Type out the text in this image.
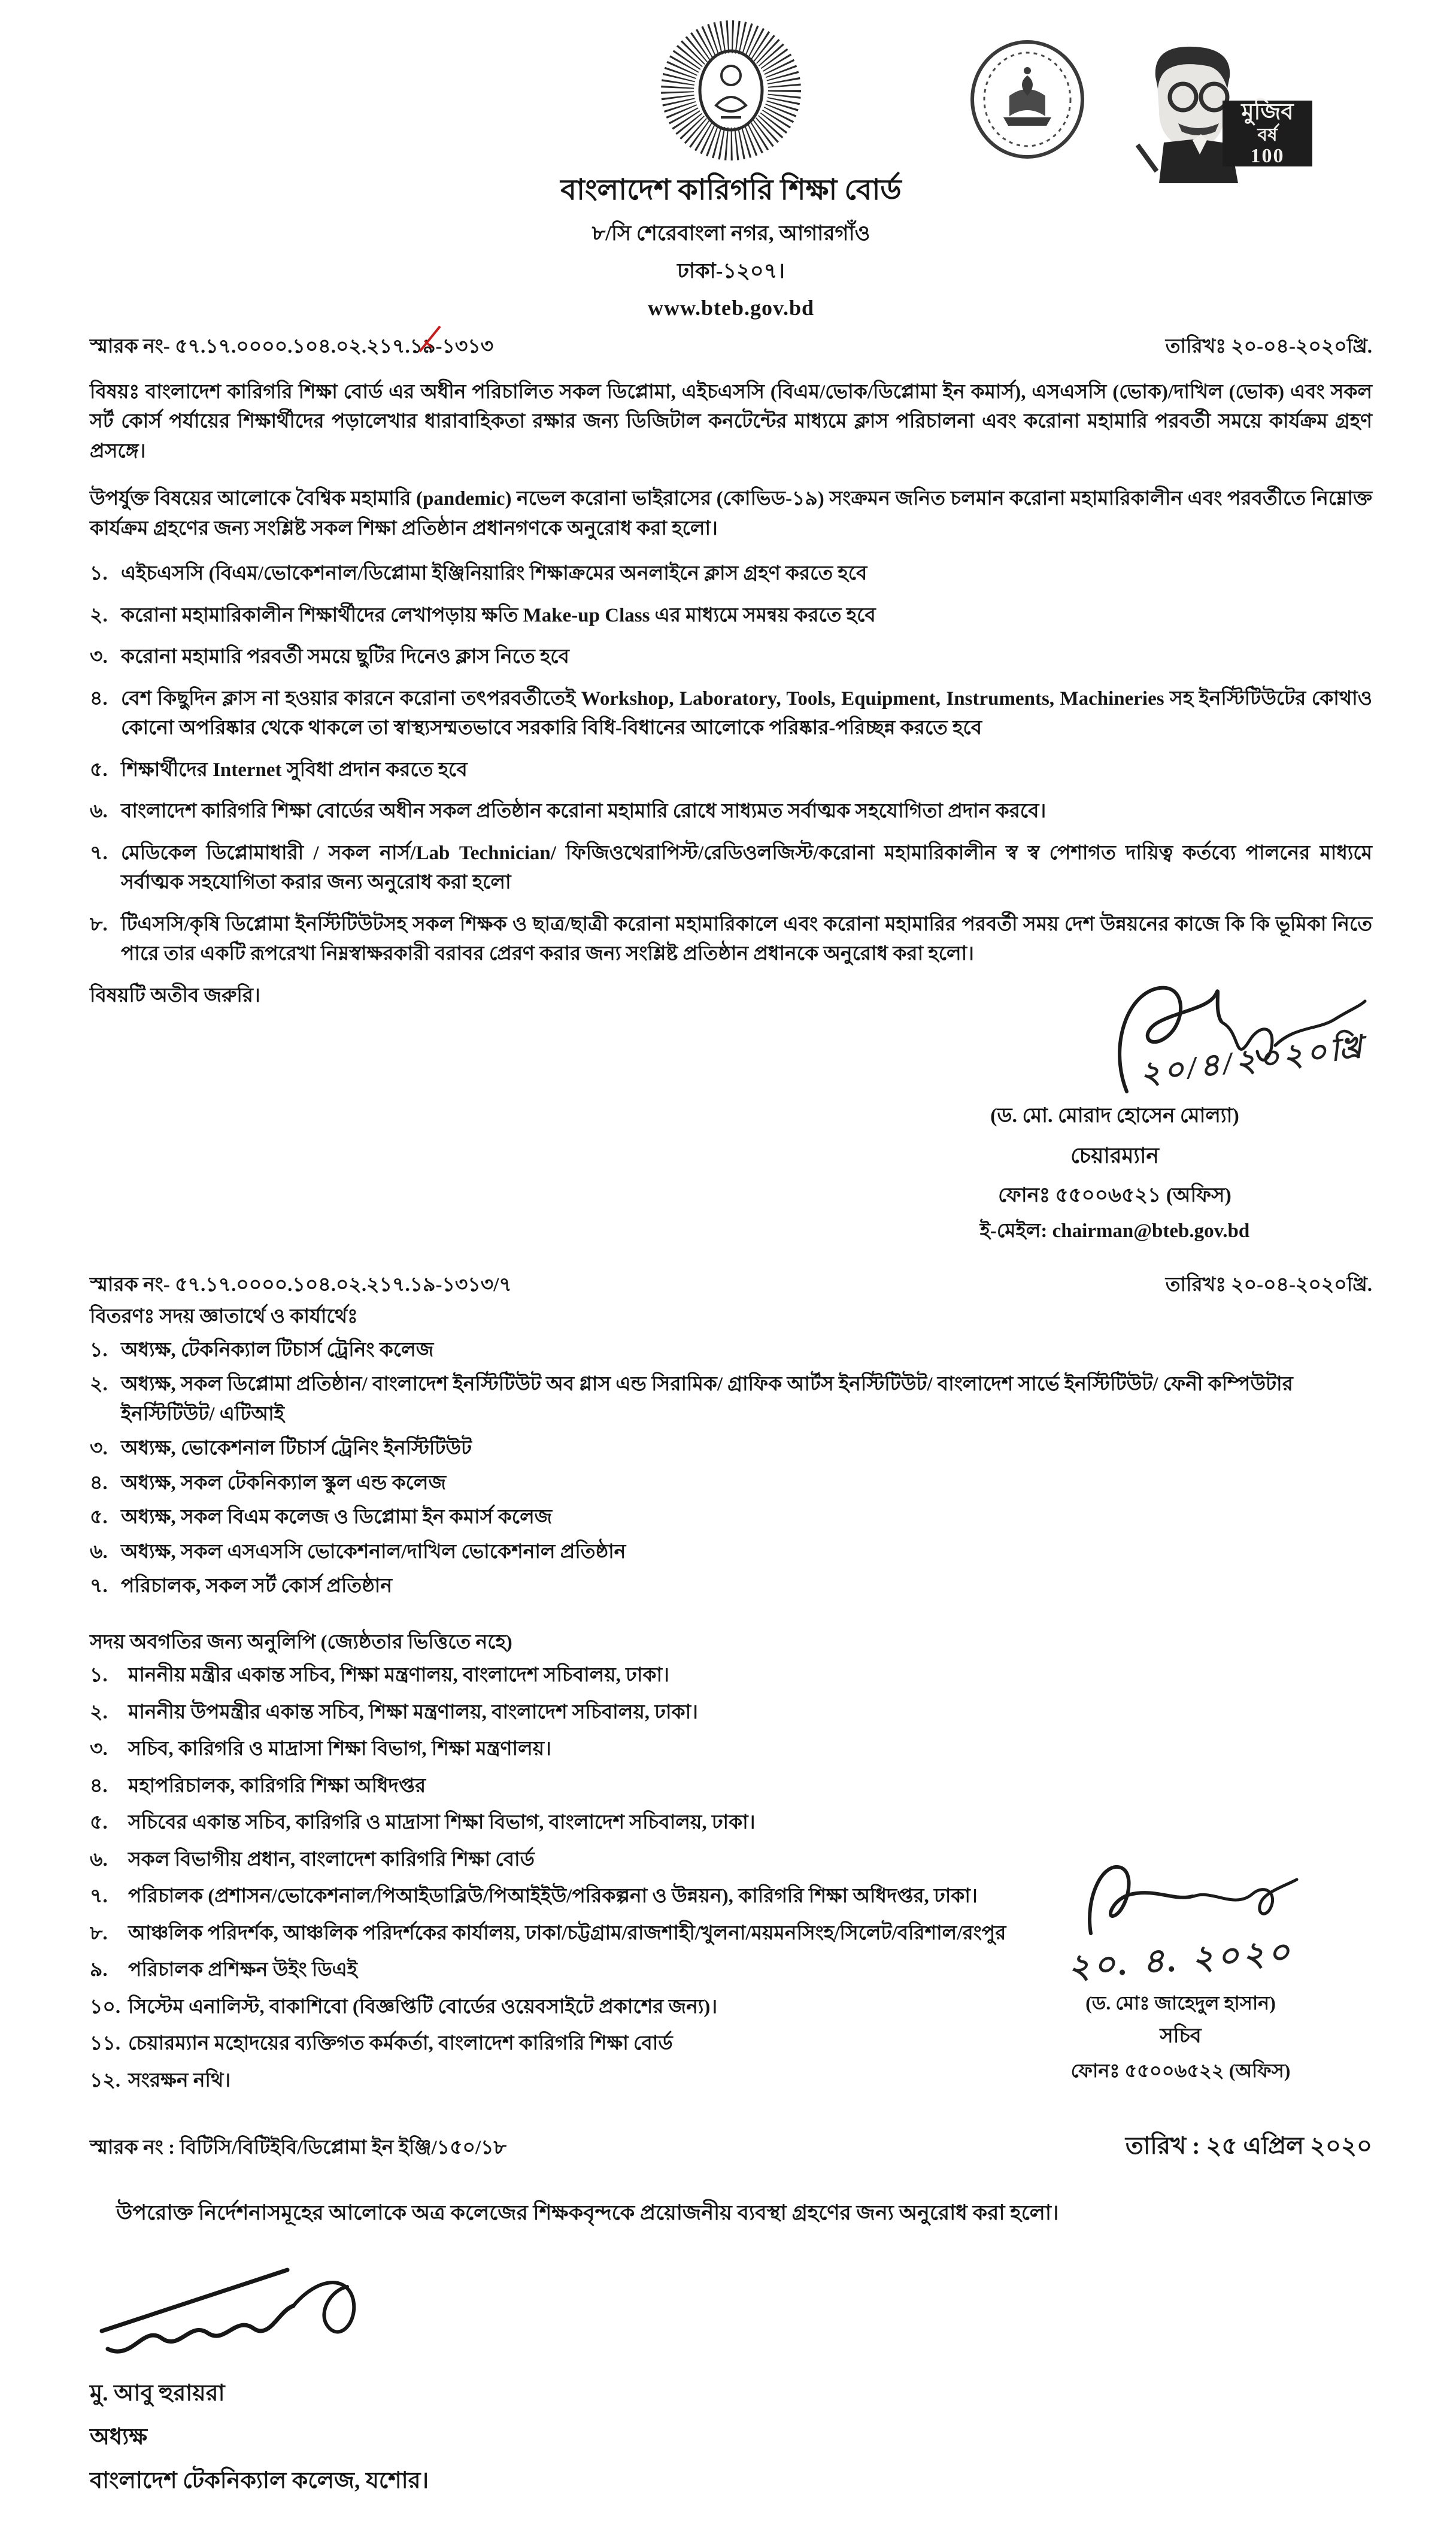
বাংলাদেশ কারিগরি শিক্ষা বোর্ড
৮/সি শেরেবাংলা নগর, আগারগাঁও
ঢাকা-১২০৭।
www.bteb.gov.bd
মুজিব
বর্ষ
100
স্মারক নং- ৫৭.১৭.০০০০.১০৪.০২.২১৭.১৯-১৩১৩	তারিখঃ ২০-০৪-২০২০খ্রি.
বিষয়ঃ বাংলাদেশ কারিগরি শিক্ষা বোর্ড এর অধীন পরিচালিত সকল ডিপ্লোমা, এইচএসসি (বিএম/ভোক/ডিপ্লোমা ইন কমার্স), এসএসসি (ভোক)/দাখিল (ভোক) এবং সকল সর্ট কোর্স পর্যায়ের শিক্ষার্থীদের পড়ালেখার ধারাবাহিকতা রক্ষার জন্য ডিজিটাল কনটেন্টের মাধ্যমে ক্লাস পরিচালনা এবং করোনা মহামারি পরবর্তী সময়ে কার্যক্রম গ্রহণ প্রসঙ্গে।
উপর্যুক্ত বিষয়ের আলোকে বৈশ্বিক মহামারি (pandemic) নভেল করোনা ভাইরাসের (কোভিড-১৯) সংক্রমন জনিত চলমান করোনা মহামারিকালীন এবং পরবর্তীতে নিম্নোক্ত কার্যক্রম গ্রহণের জন্য সংশ্লিষ্ট সকল শিক্ষা প্রতিষ্ঠান প্রধানগণকে অনুরোধ করা হলো।
১. এইচএসসি (বিএম/ভোকেশনাল/ডিপ্লোমা ইঞ্জিনিয়ারিং শিক্ষাক্রমের অনলাইনে ক্লাস গ্রহণ করতে হবে
২. করোনা মহামারিকালীন শিক্ষার্থীদের লেখাপড়ায় ক্ষতি Make-up Class এর মাধ্যমে সমন্বয় করতে হবে
৩. করোনা মহামারি পরবর্তী সময়ে ছুটির দিনেও ক্লাস নিতে হবে
৪. বেশ কিছুদিন ক্লাস না হওয়ার কারনে করোনা তৎপরবর্তীতেই Workshop, Laboratory, Tools, Equipment, Instruments, Machineries সহ ইনস্টিটিউটের কোথাও কোনো অপরিষ্কার থেকে থাকলে তা স্বাস্থ্যসম্মতভাবে সরকারি বিধি-বিধানের আলোকে পরিষ্কার-পরিচ্ছন্ন করতে হবে
৫. শিক্ষার্থীদের Internet সুবিধা প্রদান করতে হবে
৬. বাংলাদেশ কারিগরি শিক্ষা বোর্ডের অধীন সকল প্রতিষ্ঠান করোনা মহামারি রোধে সাধ্যমত সর্বাত্মক সহযোগিতা প্রদান করবে।
৭. মেডিকেল ডিপ্লোমাধারী / সকল নার্স/Lab Technician/ ফিজিওথেরাপিস্ট/রেডিওলজিস্ট/করোনা মহামারিকালীন স্ব স্ব পেশাগত দায়িত্ব কর্তব্যে পালনের মাধ্যমে সর্বাত্মক সহযোগিতা করার জন্য অনুরোধ করা হলো
৮. টিএসসি/কৃষি ডিপ্লোমা ইনস্টিটিউটসহ সকল শিক্ষক ও ছাত্র/ছাত্রী করোনা মহামারিকালে এবং করোনা মহামারির পরবর্তী সময় দেশ উন্নয়নের কাজে কি কি ভূমিকা নিতে পারে তার একটি রূপরেখা নিম্নস্বাক্ষরকারী বরাবর প্রেরণ করার জন্য সংশ্লিষ্ট প্রতিষ্ঠান প্রধানকে অনুরোধ করা হলো।
বিষয়টি অতীব জরুরি।
২০/৪/২০২০খ্রি
(ড. মো. মোরাদ হোসেন মোল্যা)
চেয়ারম্যান
ফোনঃ ৫৫০০৬৫২১ (অফিস)
ই-মেইল: chairman@bteb.gov.bd
স্মারক নং- ৫৭.১৭.০০০০.১০৪.০২.২১৭.১৯-১৩১৩/৭	তারিখঃ ২০-০৪-২০২০খ্রি.
বিতরণঃ সদয় জ্ঞাতার্থে ও কার্যার্থেঃ
১. অধ্যক্ষ, টেকনিক্যাল টিচার্স ট্রেনিং কলেজ
২. অধ্যক্ষ, সকল ডিপ্লোমা প্রতিষ্ঠান/ বাংলাদেশ ইনস্টিটিউট অব গ্লাস এন্ড সিরামিক/ গ্রাফিক আর্টস ইনস্টিটিউট/ বাংলাদেশ সার্ভে ইনস্টিটিউট/ ফেনী কম্পিউটার ইনস্টিটিউট/ এটিআই
৩. অধ্যক্ষ, ভোকেশনাল টিচার্স ট্রেনিং ইনস্টিটিউট
৪. অধ্যক্ষ, সকল টেকনিক্যাল স্কুল এন্ড কলেজ
৫. অধ্যক্ষ, সকল বিএম কলেজ ও ডিপ্লোমা ইন কমার্স কলেজ
৬. অধ্যক্ষ, সকল এসএসসি ভোকেশনাল/দাখিল ভোকেশনাল প্রতিষ্ঠান
৭. পরিচালক, সকল সর্ট কোর্স প্রতিষ্ঠান
সদয় অবগতির জন্য অনুলিপি (জ্যেষ্ঠতার ভিত্তিতে নহে)
১.	মাননীয় মন্ত্রীর একান্ত সচিব, শিক্ষা মন্ত্রণালয়, বাংলাদেশ সচিবালয়, ঢাকা।
২.	মাননীয় উপমন্ত্রীর একান্ত সচিব, শিক্ষা মন্ত্রণালয়, বাংলাদেশ সচিবালয়, ঢাকা।
৩.	সচিব, কারিগরি ও মাদ্রাসা শিক্ষা বিভাগ, শিক্ষা মন্ত্রণালয়।
৪.	মহাপরিচালক, কারিগরি শিক্ষা অধিদপ্তর
৫.	সচিবের একান্ত সচিব, কারিগরি ও মাদ্রাসা শিক্ষা বিভাগ, বাংলাদেশ সচিবালয়, ঢাকা।
৬.	সকল বিভাগীয় প্রধান, বাংলাদেশ কারিগরি শিক্ষা বোর্ড
৭.	পরিচালক (প্রশাসন/ভোকেশনাল/পিআইডাব্লিউ/পিআইইউ/পরিকল্পনা ও উন্নয়ন), কারিগরি শিক্ষা অধিদপ্তর, ঢাকা।
৮.	আঞ্চলিক পরিদর্শক, আঞ্চলিক পরিদর্শকের কার্যালয়, ঢাকা/চট্টগ্রাম/রাজশাহী/খুলনা/ময়মনসিংহ/সিলেট/বরিশাল/রংপুর
৯.	পরিচালক প্রশিক্ষন উইং ডিএই
১০. সিস্টেম এনালিস্ট, বাকাশিবো (বিজ্ঞপ্তিটি বোর্ডের ওয়েবসাইটে প্রকাশের জন্য)।
১১. চেয়ারম্যান মহোদয়ের ব্যক্তিগত কর্মকর্তা, বাংলাদেশ কারিগরি শিক্ষা বোর্ড
১২. সংরক্ষন নথি।
২০. ৪. ২০২০
(ড. মোঃ জাহেদুল হাসান)
সচিব
ফোনঃ ৫৫০০৬৫২২ (অফিস)
স্মারক নং : বিটিসি/বিটিইবি/ডিপ্লোমা ইন ইঞ্জি/১৫০/১৮	তারিখ : ২৫ এপ্রিল ২০২০
উপরোক্ত নির্দেশনাসমূহের আলোকে অত্র কলেজের শিক্ষকবৃন্দকে প্রয়োজনীয় ব্যবস্থা গ্রহণের জন্য অনুরোধ করা হলো।
মু. আবু হুরায়রা
অধ্যক্ষ
বাংলাদেশ টেকনিক্যাল কলেজ, যশোর।
